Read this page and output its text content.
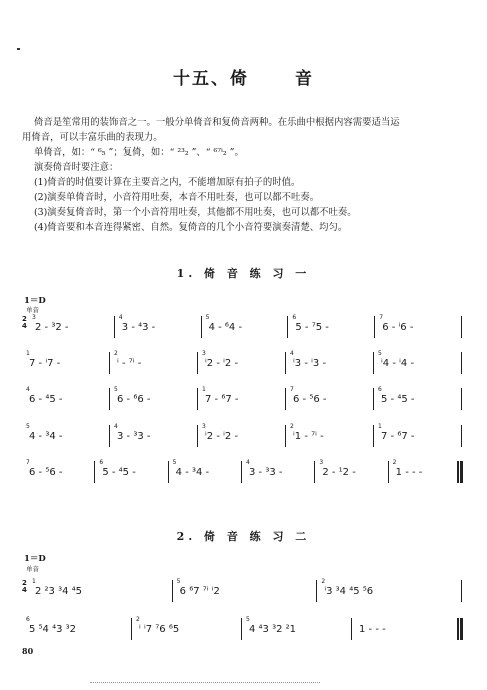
十五、倚	音
倚音是笙常用的装饰音之一。一般分单倚音和复倚音两种。在乐曲中根据内容需要适当运
用倚音，可以丰富乐曲的表现力。
单倚音，如：“ ⁶₅ ”；复倚，如：“ ²³₂ ”、“ ⁶⁷ⁱ₂ ”。
演奏倚音时要注意：
(1)倚音的时值要计算在主要音之内，不能增加原有拍子的时值。
(2)演奏单倚音时，小音符用吐奏，本音不用吐奏，也可以都不吐奏。
(3)演奏复倚音时，第一个小音符用吐奏，其他都不用吐奏，也可以都不吐奏。
(4)倚音要和本音连得紧密、自然。复倚音的几个小音符要演奏清楚、均匀。
1. 倚 音 练 习 一
1＝D
单音
2
4
3
2 - ³2 -
4
3 - ⁴3 -
5
4 - ⁶4 -
6
5 - ⁷5 -
7
6 - ⁱ6 -
1
7 - ⁱ7 -
2
ⁱ - ⁷ⁱ -
3
ⁱ2 - ⁱ2 -
4
ⁱ3 - ⁱ3 -
5
ⁱ4 - ⁱ4 -
4
6 - ⁴5 -
5
6 - ⁶6 -
1
7 - ⁶7 -
7
6 - ⁵6 -
6
5 - ⁴5 -
5
4 - ³4 -
4
3 - ³3 -
3
ⁱ2 - ⁱ2 -
2
ⁱ1 - ⁷ⁱ -
1
7 - ⁶7 -
7
6 - ⁵6 -
6
5 - ⁴5 -
5
4 - ³4 -
4
3 - ³3 -
3
2 - ¹2 -
2
1 - - -
2. 倚 音 练 习 二
1＝D
单音
2
4
1
2 ²3 ³4 ⁴5
5
6 ⁶7 ⁷ⁱ ⁱ2
2
ⁱ3 ³4 ⁴5 ⁵6
6
5 ⁵4 ⁴3 ³2
2
ⁱ ⁱ7 ⁷6 ⁶5
5
4 ⁴3 ³2 ²1	1 - - -
80
